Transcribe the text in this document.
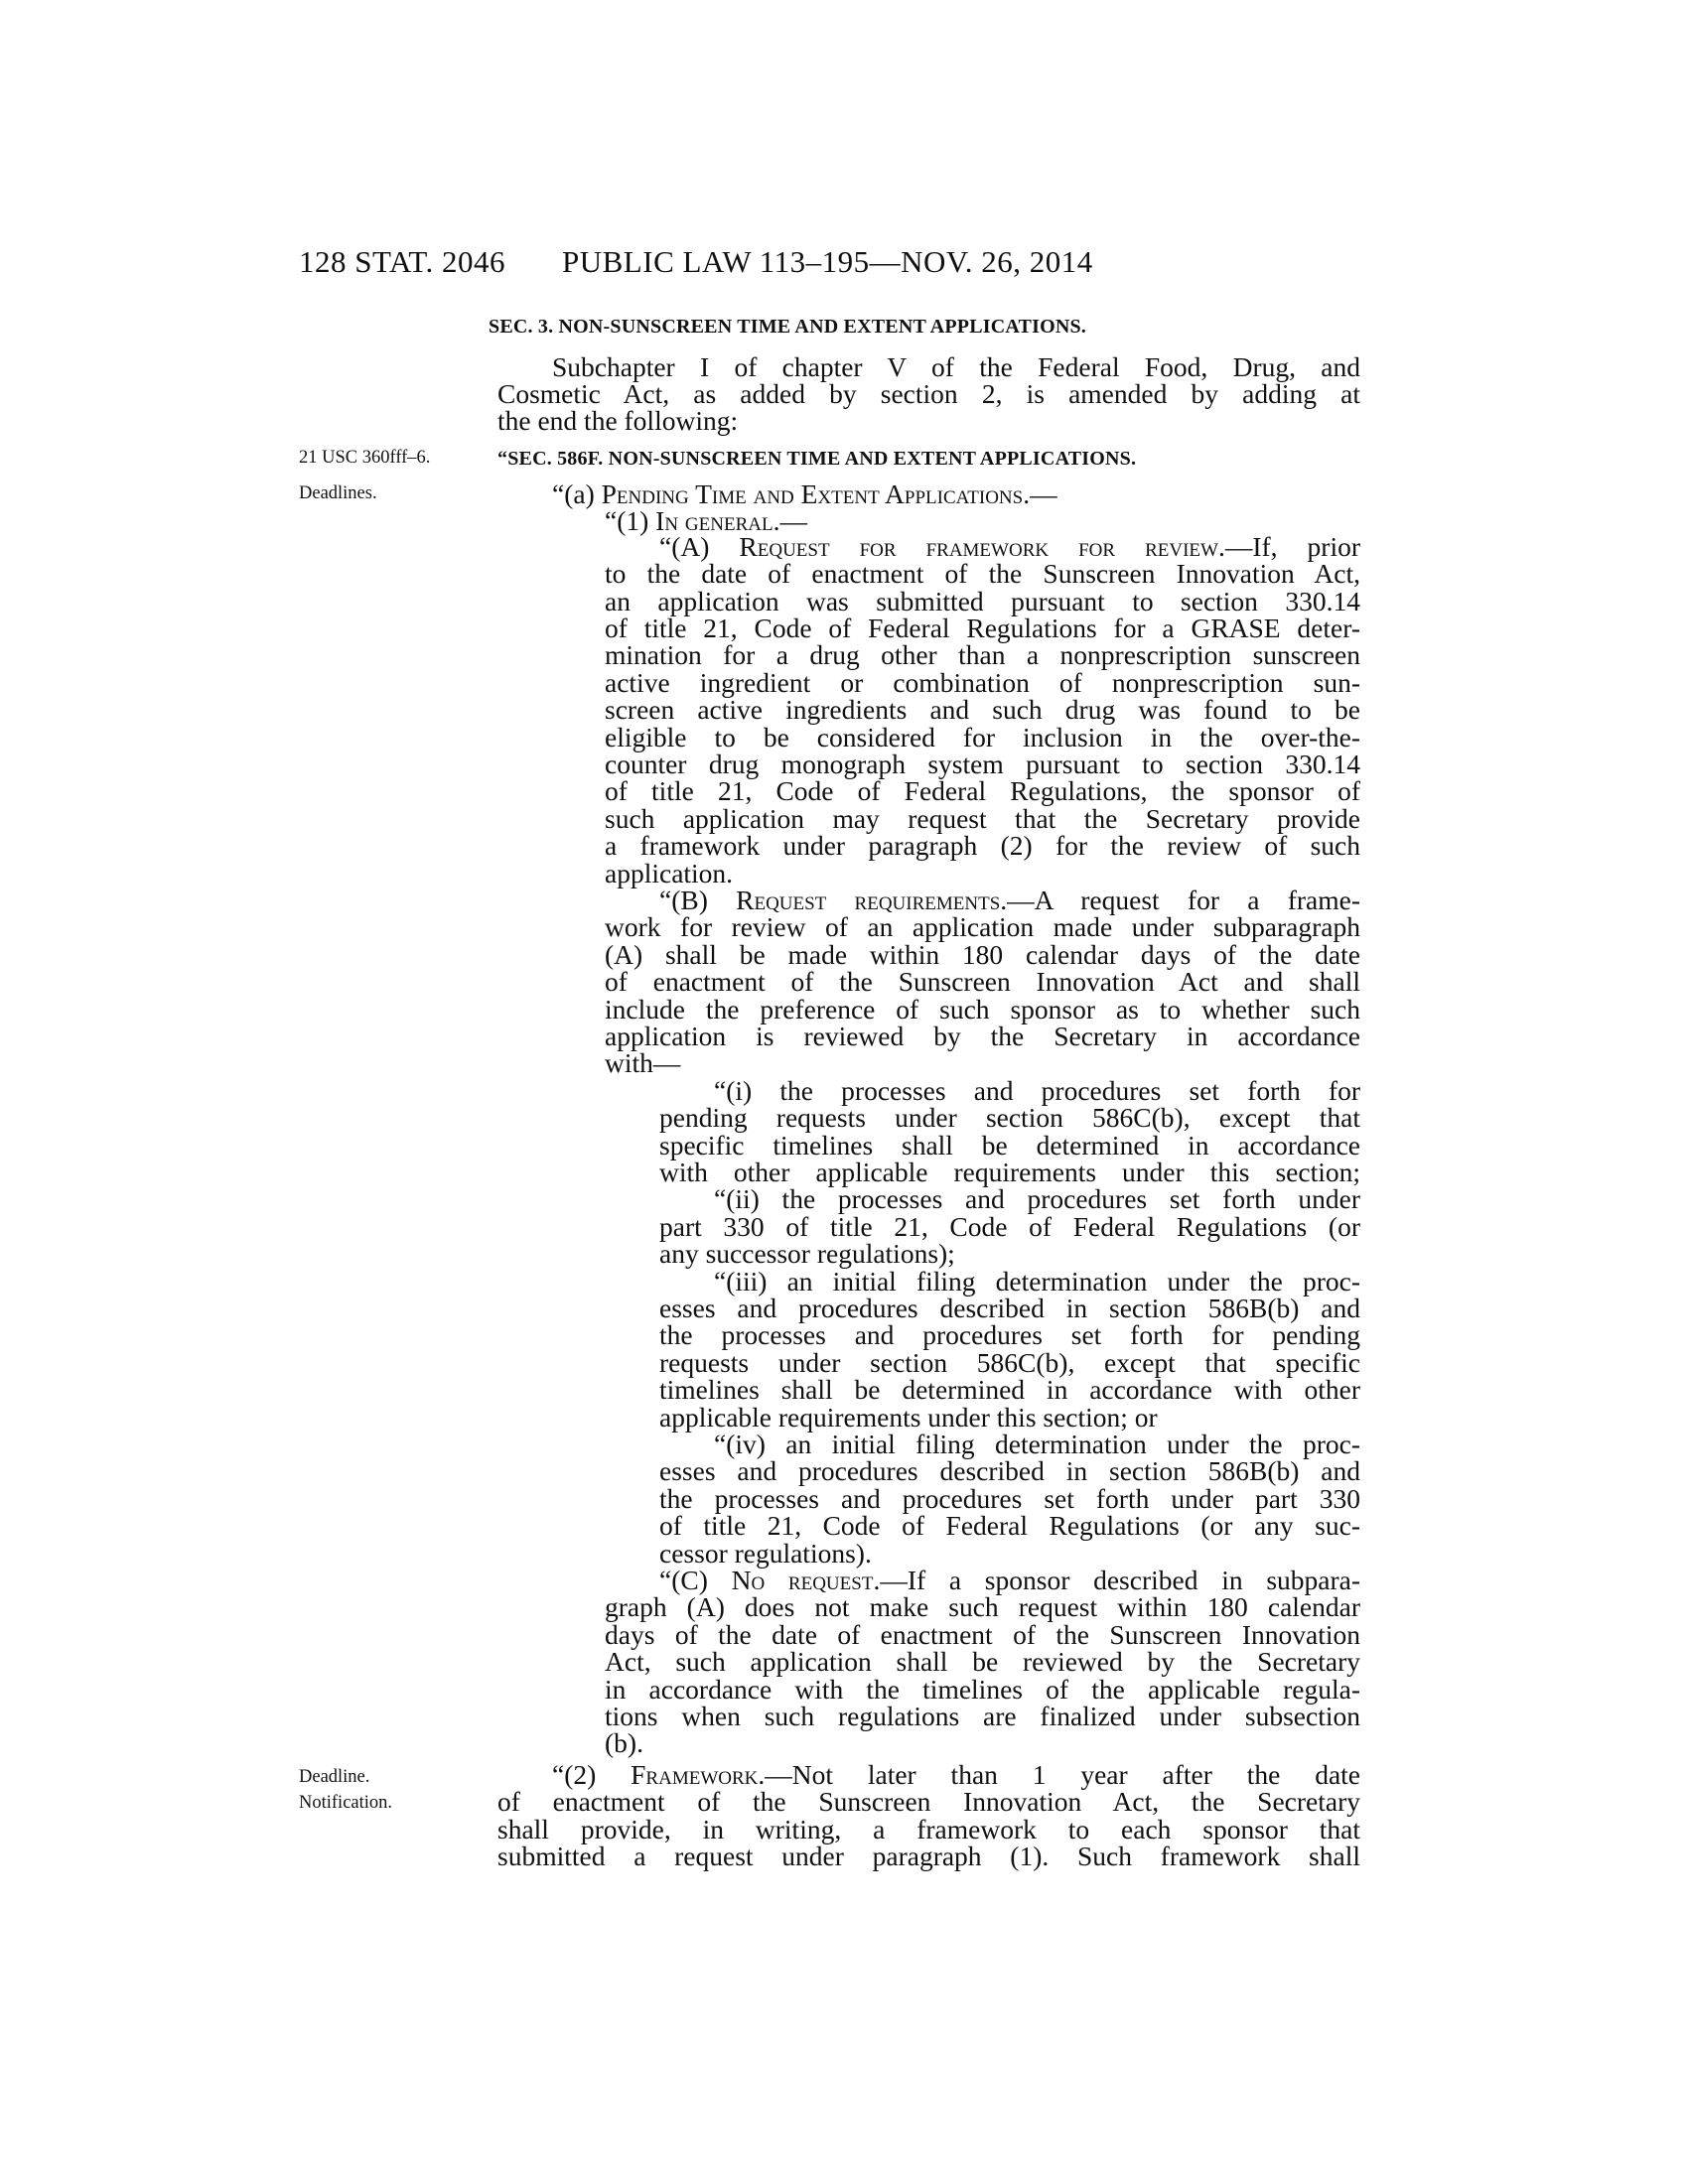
128 STAT. 2046 PUBLIC LAW 113–195—NOV. 26, 2014
SEC. 3. NON-SUNSCREEN TIME AND EXTENT APPLICATIONS.
Subchapter I of chapter V of the Federal Food, Drug, and
Cosmetic Act, as added by section 2, is amended by adding at
the end the following:
21 USC 360fff–6.
Deadlines.
Deadline.
Notification.
“SEC. 586F. NON-SUNSCREEN TIME AND EXTENT APPLICATIONS.
“(a) Pending Time and Extent Applications.—
“(1) In general.—
“(A) Request for framework for review.—If, prior
to the date of enactment of the Sunscreen Innovation Act,
an application was submitted pursuant to section 330.14
of title 21, Code of Federal Regulations for a GRASE deter-
mination for a drug other than a nonprescription sunscreen
active ingredient or combination of nonprescription sun-
screen active ingredients and such drug was found to be
eligible to be considered for inclusion in the over-the-
counter drug monograph system pursuant to section 330.14
of title 21, Code of Federal Regulations, the sponsor of
such application may request that the Secretary provide
a framework under paragraph (2) for the review of such
application.
“(B) Request requirements.—A request for a frame-
work for review of an application made under subparagraph
(A) shall be made within 180 calendar days of the date
of enactment of the Sunscreen Innovation Act and shall
include the preference of such sponsor as to whether such
application is reviewed by the Secretary in accordance
with—
“(i) the processes and procedures set forth for
pending requests under section 586C(b), except that
specific timelines shall be determined in accordance
with other applicable requirements under this section;
“(ii) the processes and procedures set forth under
part 330 of title 21, Code of Federal Regulations (or
any successor regulations);
“(iii) an initial filing determination under the proc-
esses and procedures described in section 586B(b) and
the processes and procedures set forth for pending
requests under section 586C(b), except that specific
timelines shall be determined in accordance with other
applicable requirements under this section; or
“(iv) an initial filing determination under the proc-
esses and procedures described in section 586B(b) and
the processes and procedures set forth under part 330
of title 21, Code of Federal Regulations (or any suc-
cessor regulations).
“(C) No request.—If a sponsor described in subpara-
graph (A) does not make such request within 180 calendar
days of the date of enactment of the Sunscreen Innovation
Act, such application shall be reviewed by the Secretary
in accordance with the timelines of the applicable regula-
tions when such regulations are finalized under subsection
(b).
“(2) Framework.—Not later than 1 year after the date
of enactment of the Sunscreen Innovation Act, the Secretary
shall provide, in writing, a framework to each sponsor that
submitted a request under paragraph (1). Such framework shall
